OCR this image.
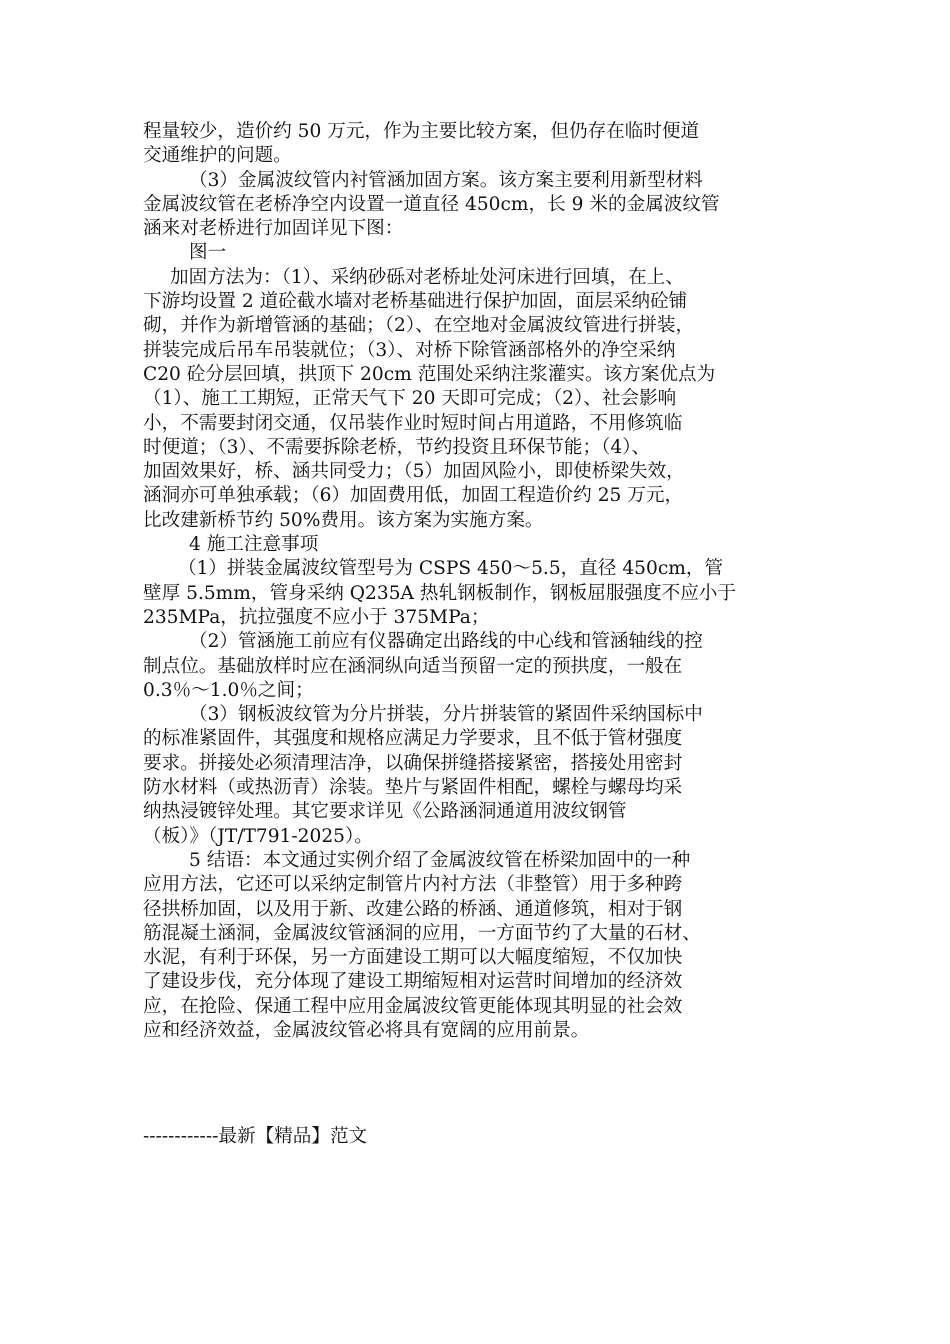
程量较少，造价约 50 万元，作为主要比较方案，但仍存在临时便道
交通维护的问题。
（3）金属波纹管内衬管涵加固方案。该方案主要利用新型材料
金属波纹管在老桥净空内设置一道直径 450cm，长 9 米的金属波纹管
涵来对老桥进行加固详见下图：
图一
加固方法为：（1）、采纳砂砾对老桥址处河床进行回填，在上、
下游均设置 2 道砼截水墙对老桥基础进行保护加固，面层采纳砼铺
砌，并作为新增管涵的基础；（2）、在空地对金属波纹管进行拼装，
拼装完成后吊车吊装就位；（3）、对桥下除管涵部格外的净空采纳
C20 砼分层回填，拱顶下 20cm 范围处采纳注浆灌实。该方案优点为
（1）、施工工期短，正常天气下 20 天即可完成；（2）、社会影响
小，不需要封闭交通，仅吊装作业时短时间占用道路，不用修筑临
时便道；（3）、不需要拆除老桥，节约投资且环保节能；（4）、
加固效果好，桥、涵共同受力；（5）加固风险小，即使桥梁失效，
涵洞亦可单独承载；（6）加固费用低，加固工程造价约 25 万元，
比改建新桥节约 50%费用。该方案为实施方案。
4 施工注意事项
（1）拼装金属波纹管型号为 CSPS 450～5.5，直径 450cm，管
壁厚 5.5mm，管身采纳 Q235A 热轧钢板制作，钢板屈服强度不应小于
235MPa，抗拉强度不应小于 375MPa；
（2）管涵施工前应有仪器确定出路线的中心线和管涵轴线的控
制点位。基础放样时应在涵洞纵向适当预留一定的预拱度，一般在
0.3％～1.0％之间；
（3）钢板波纹管为分片拼装，分片拼装管的紧固件采纳国标中
的标准紧固件，其强度和规格应满足力学要求，且不低于管材强度
要求。拼接处必须清理洁净，以确保拼缝搭接紧密，搭接处用密封
防水材料（或热沥青）涂装。垫片与紧固件相配，螺栓与螺母均采
纳热浸镀锌处理。其它要求详见《公路涵洞通道用波纹钢管
（板）》（JT/T791-2025）。
5 结语：本文通过实例介绍了金属波纹管在桥梁加固中的一种
应用方法，它还可以采纳定制管片内衬方法（非整管）用于多种跨
径拱桥加固，以及用于新、改建公路的桥涵、通道修筑，相对于钢
筋混凝土涵洞，金属波纹管涵洞的应用，一方面节约了大量的石材、
水泥，有利于环保，另一方面建设工期可以大幅度缩短，不仅加快
了建设步伐，充分体现了建设工期缩短相对运营时间增加的经济效
应，在抢险、保通工程中应用金属波纹管更能体现其明显的社会效
应和经济效益，金属波纹管必将具有宽阔的应用前景。
------------最新【精品】范文
